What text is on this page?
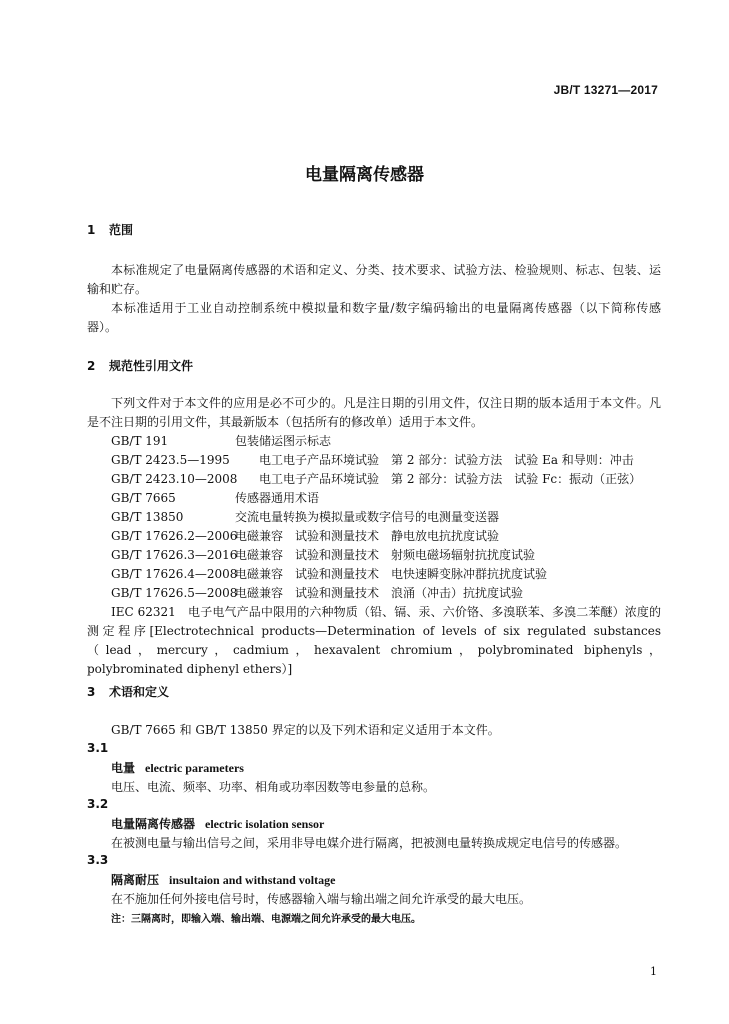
JB/T 13271—2017
电量隔离传感器
1 范围
本标准规定了电量隔离传感器的术语和定义、分类、技术要求、试验方法、检验规则、标志、包装、运输和贮存。
本标准适用于工业自动控制系统中模拟量和数字量/数字编码输出的电量隔离传感器（以下简称传感器）。
2 规范性引用文件
下列文件对于本文件的应用是必不可少的。凡是注日期的引用文件，仅注日期的版本适用于本文件。凡是不注日期的引用文件，其最新版本（包括所有的修改单）适用于本文件。
GB/T 191	包装储运图示标志
GB/T 2423.5—1995 电工电子产品环境试验　第 2 部分：试验方法　试验 Ea 和导则：冲击
GB/T 2423.10—2008 电工电子产品环境试验　第 2 部分：试验方法　试验 Fc：振动（正弦）
GB/T 7665	传感器通用术语
GB/T 13850	交流电量转换为模拟量或数字信号的电测量变送器
GB/T 17626.2—2006电磁兼容　试验和测量技术　静电放电抗扰度试验
GB/T 17626.3—2016电磁兼容　试验和测量技术　射频电磁场辐射抗扰度试验
GB/T 17626.4—2008电磁兼容　试验和测量技术　电快速瞬变脉冲群抗扰度试验
GB/T 17626.5—2008电磁兼容　试验和测量技术　浪涌（冲击）抗扰度试验
IEC 62321　电子电气产品中限用的六种物质（铅、镉、汞、六价铬、多溴联苯、多溴二苯醚）浓度的测定程序[Electrotechnical products—Determination of levels of six regulated substances（lead，mercury，cadmium，hexavalent chromium，polybrominated biphenyls，polybrominated diphenyl ethers）]
3 术语和定义
GB/T 7665 和 GB/T 13850 界定的以及下列术语和定义适用于本文件。
3.1
电量 electric parameters
电压、电流、频率、功率、相角或功率因数等电参量的总称。
3.2
电量隔离传感器 electric isolation sensor
在被测电量与输出信号之间，采用非导电媒介进行隔离，把被测电量转换成规定电信号的传感器。
3.3
隔离耐压 insultaion and withstand voltage
在不施加任何外接电信号时，传感器输入端与输出端之间允许承受的最大电压。
注：三隔离时，即输入端、输出端、电源端之间允许承受的最大电压。
1
